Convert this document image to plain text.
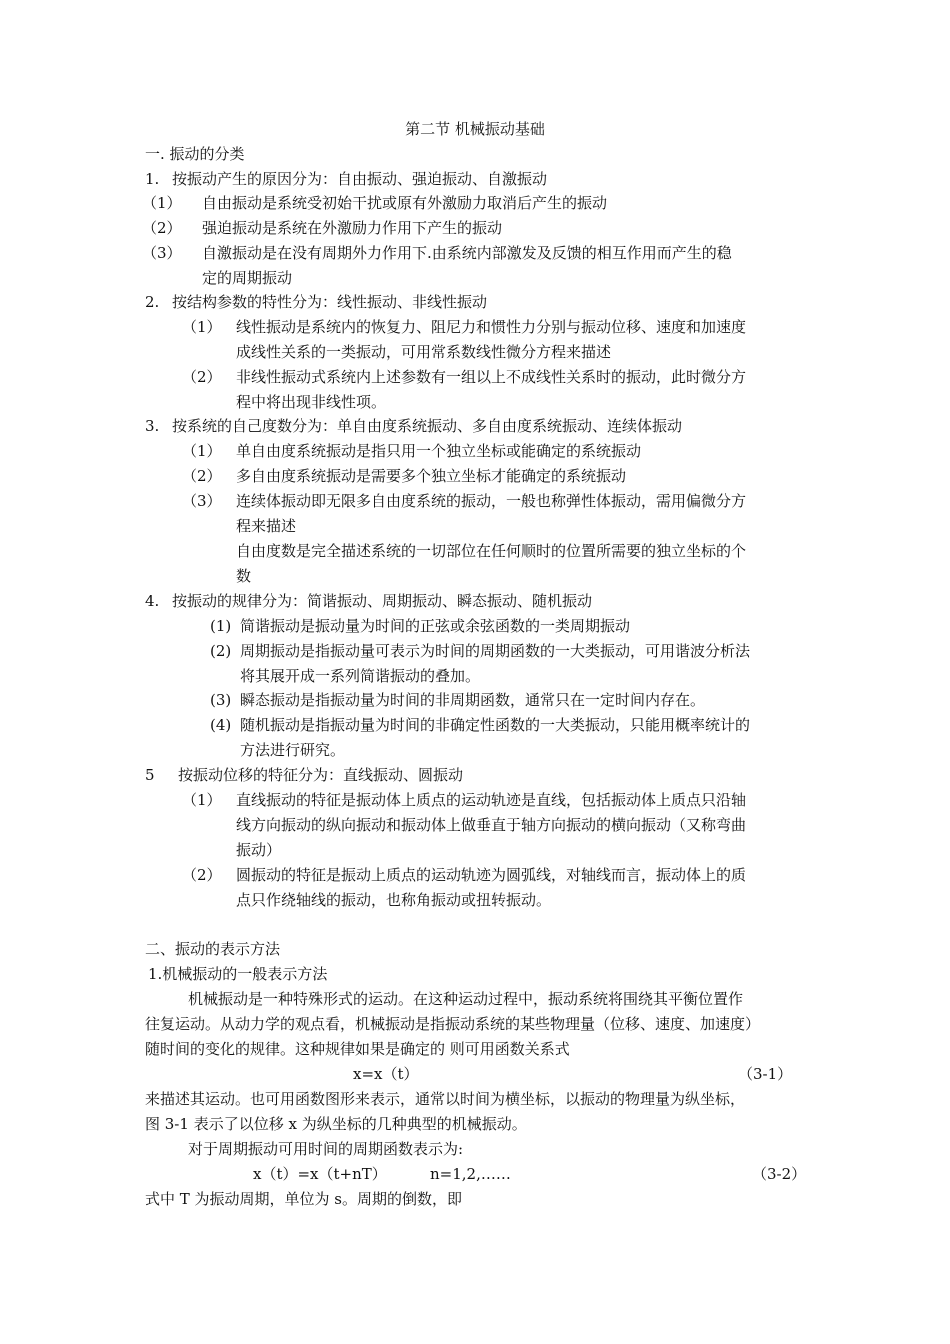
第二节 机械振动基础
一. 振动的分类
1. 按振动产生的原因分为：自由振动、强迫振动、自激振动
（1） 自由振动是系统受初始干扰或原有外激励力取消后产生的振动
（2） 强迫振动是系统在外激励力作用下产生的振动
（3） 自激振动是在没有周期外力作用下.由系统内部激发及反馈的相互作用而产生的稳
定的周期振动
2. 按结构参数的特性分为：线性振动、非线性振动
（1） 线性振动是系统内的恢复力、阻尼力和惯性力分别与振动位移、速度和加速度
成线性关系的一类振动，可用常系数线性微分方程来描述
（2） 非线性振动式系统内上述参数有一组以上不成线性关系时的振动，此时微分方
程中将出现非线性项。
3. 按系统的自己度数分为：单自由度系统振动、多自由度系统振动、连续体振动
（1） 单自由度系统振动是指只用一个独立坐标或能确定的系统振动
（2） 多自由度系统振动是需要多个独立坐标才能确定的系统振动
（3） 连续体振动即无限多自由度系统的振动，一般也称弹性体振动，需用偏微分方
程来描述
自由度数是完全描述系统的一切部位在任何顺时的位置所需要的独立坐标的个
数
4. 按振动的规律分为：简谐振动、周期振动、瞬态振动、随机振动
(1) 简谐振动是振动量为时间的正弦或余弦函数的一类周期振动
(2) 周期振动是指振动量可表示为时间的周期函数的一大类振动，可用谐波分析法
将其展开成一系列简谐振动的叠加。
(3) 瞬态振动是指振动量为时间的非周期函数，通常只在一定时间内存在。
(4) 随机振动是指振动量为时间的非确定性函数的一大类振动，只能用概率统计的
方法进行研究。
5 按振动位移的特征分为：直线振动、圆振动
（1） 直线振动的特征是振动体上质点的运动轨迹是直线，包括振动体上质点只沿轴
线方向振动的纵向振动和振动体上做垂直于轴方向振动的横向振动（又称弯曲
振动）
（2） 圆振动的特征是振动上质点的运动轨迹为圆弧线，对轴线而言，振动体上的质
点只作绕轴线的振动，也称角振动或扭转振动。
二、振动的表示方法
1.机械振动的一般表示方法
机械振动是一种特殊形式的运动。在这种运动过程中，振动系统将围绕其平衡位置作
往复运动。从动力学的观点看，机械振动是指振动系统的某些物理量（位移、速度、加速度）
随时间的变化的规律。这种规律如果是确定的 则可用函数关系式
x=x（t）	（3-1）
来描述其运动。也可用函数图形来表示，通常以时间为横坐标，以振动的物理量为纵坐标，
图 3-1 表示了以位移 x 为纵坐标的几种典型的机械振动。
对于周期振动可用时间的周期函数表示为:
x（t）=x（t+nT）	n=1,2,……	（3-2）
式中 T 为振动周期，单位为 s。周期的倒数，即
